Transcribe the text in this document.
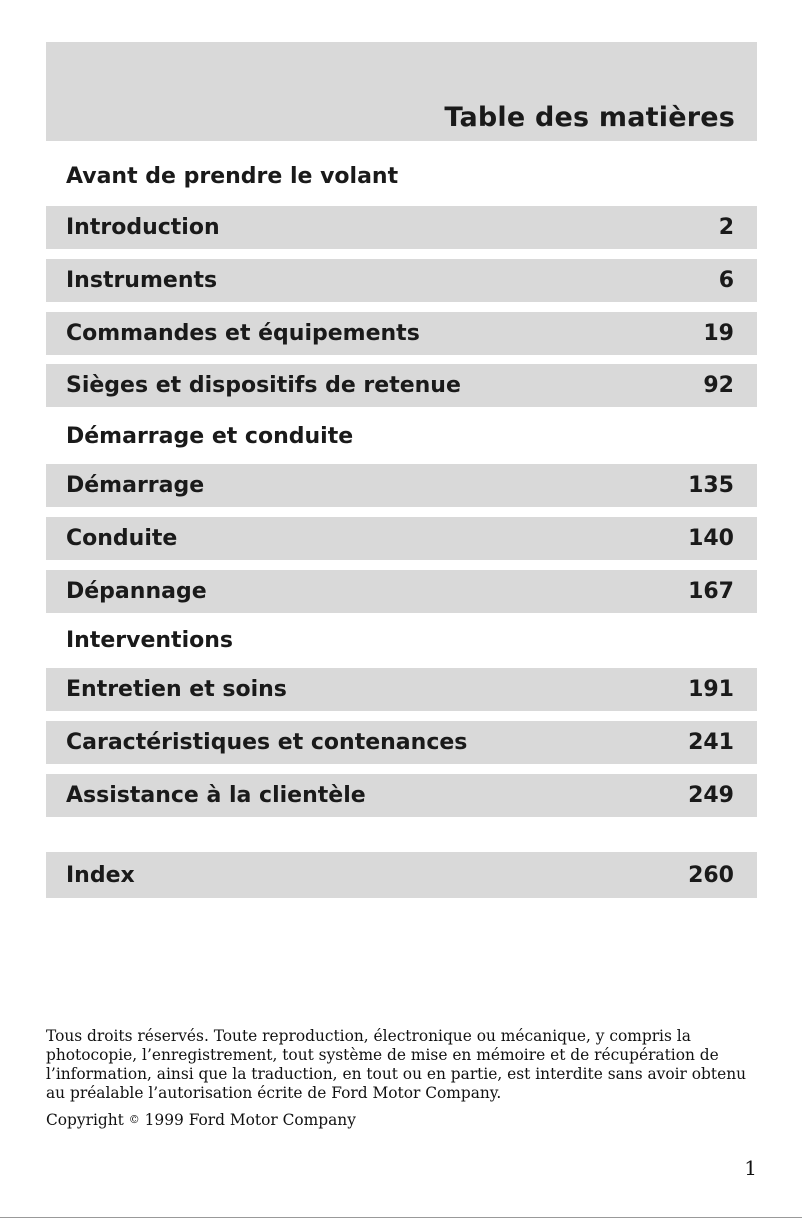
Table des matières
Avant de prendre le volant
Introduction	2
Instruments	6
Commandes et équipements	19
Sièges et dispositifs de retenue	92
Démarrage et conduite
Démarrage	135
Conduite	140
Dépannage	167
Interventions
Entretien et soins	191
Caractéristiques et contenances	241
Assistance à la clientèle	249
Index	260
Tous droits réservés. Toute reproduction, électronique ou mécanique, y compris la photocopie, l’enregistrement, tout système de mise en mémoire et de récupération de l’information, ainsi que la traduction, en tout ou en partie, est interdite sans avoir obtenu au préalable l’autorisation écrite de Ford Motor Company.
Copyright © 1999 Ford Motor Company
1
